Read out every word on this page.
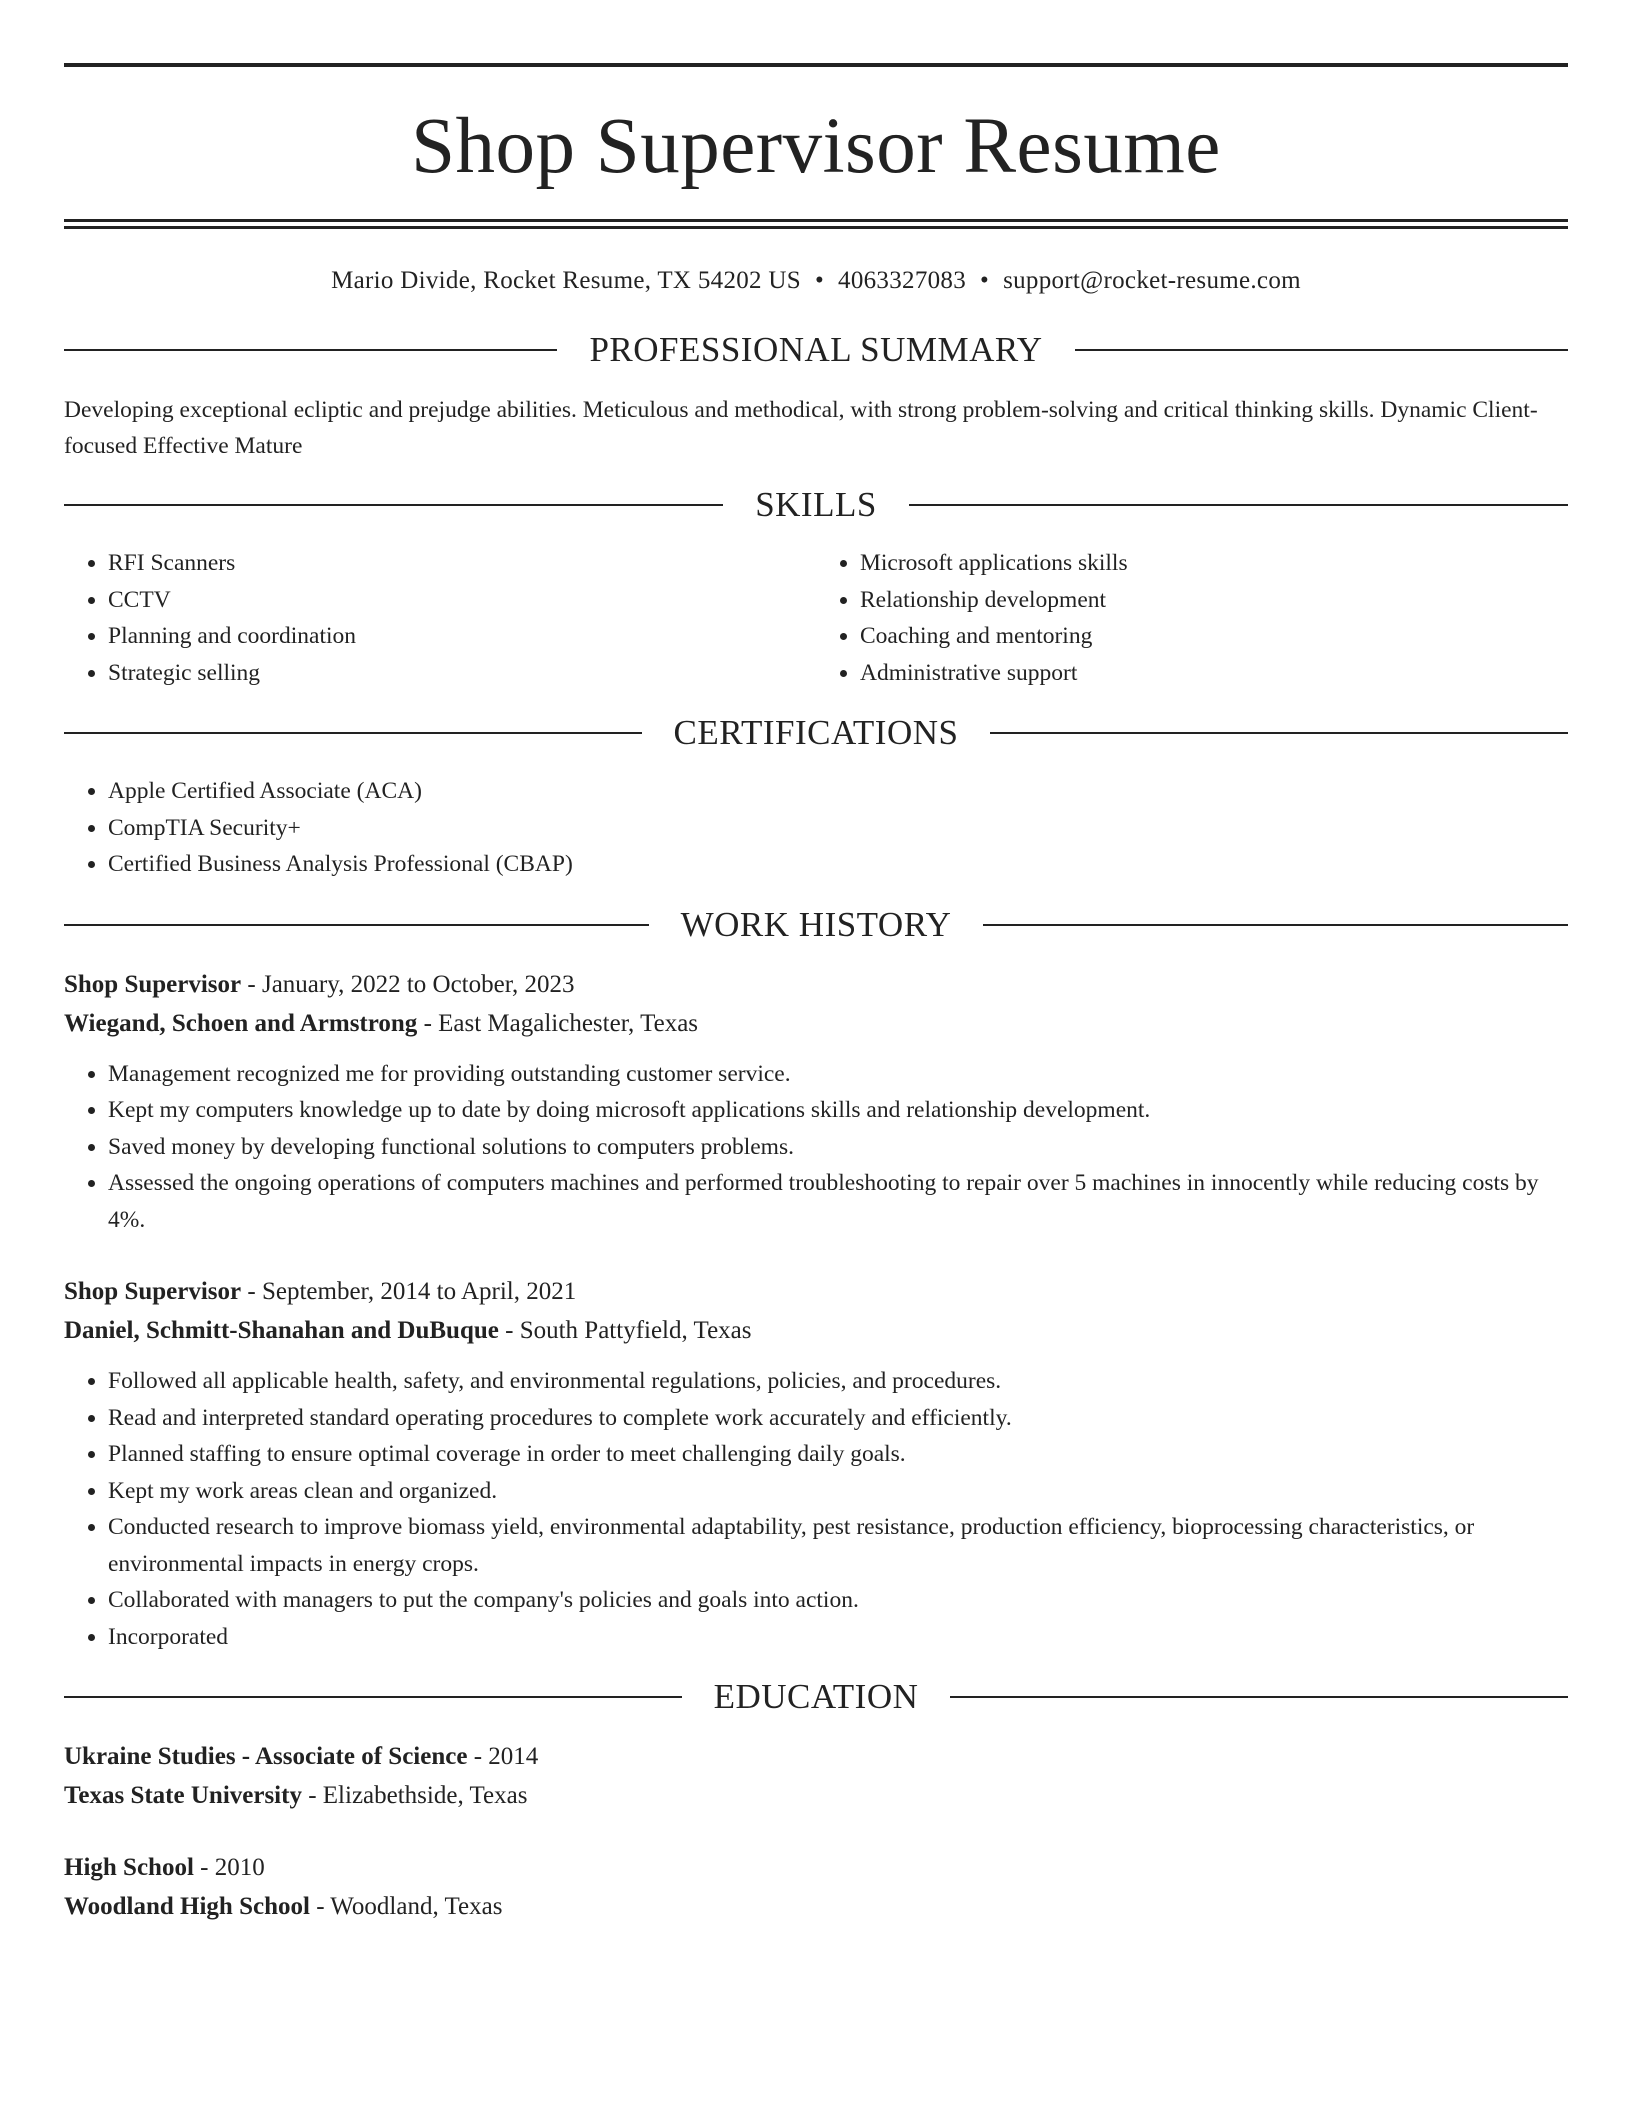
Shop Supervisor Resume
Mario Divide, Rocket Resume, TX 54202 US • 4063327083 • support@rocket-resume.com
PROFESSIONAL SUMMARY
Developing exceptional ecliptic and prejudge abilities. Meticulous and methodical, with strong problem-solving and critical thinking skills. Dynamic Client-focused Effective Mature
SKILLS
• RFI Scanners
• CCTV
• Planning and coordination
• Strategic selling
• Microsoft applications skills
• Relationship development
• Coaching and mentoring
• Administrative support
CERTIFICATIONS
• Apple Certified Associate (ACA)
• CompTIA Security+
• Certified Business Analysis Professional (CBAP)
WORK HISTORY
Shop Supervisor - January, 2022 to October, 2023
Wiegand, Schoen and Armstrong - East Magalichester, Texas
• Management recognized me for providing outstanding customer service.
• Kept my computers knowledge up to date by doing microsoft applications skills and relationship development.
• Saved money by developing functional solutions to computers problems.
• Assessed the ongoing operations of computers machines and performed troubleshooting to repair over 5 machines in innocently while reducing costs by 4%.
Shop Supervisor - September, 2014 to April, 2021
Daniel, Schmitt-Shanahan and DuBuque - South Pattyfield, Texas
• Followed all applicable health, safety, and environmental regulations, policies, and procedures.
• Read and interpreted standard operating procedures to complete work accurately and efficiently.
• Planned staffing to ensure optimal coverage in order to meet challenging daily goals.
• Kept my work areas clean and organized.
• Conducted research to improve biomass yield, environmental adaptability, pest resistance, production efficiency, bioprocessing characteristics, or environmental impacts in energy crops.
• Collaborated with managers to put the company's policies and goals into action.
• Incorporated
EDUCATION
Ukraine Studies - Associate of Science - 2014
Texas State University - Elizabethside, Texas
High School - 2010
Woodland High School - Woodland, Texas
